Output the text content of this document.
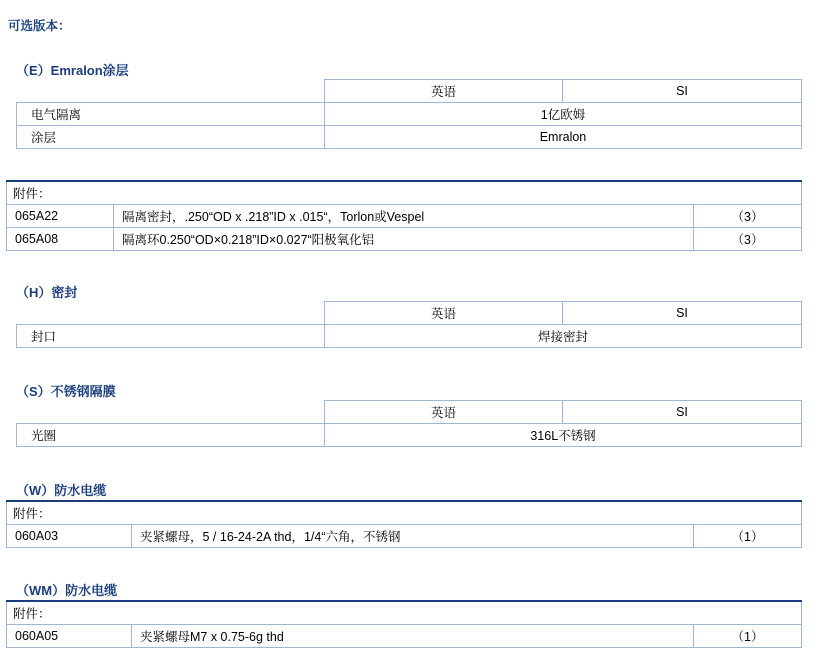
可选版本：
（E）Emralon涂层
	英语	SI
电气隔离	1亿欧姆	
涂层	Emralon	
附件：		
065A22	隔离密封，.250“OD x .218”ID x .015“，Torlon或Vespel	（3）
065A08	隔离环0.250“OD×0.218”ID×0.027“阳极氧化铝	（3）
（H）密封
	英语	SI
封口	焊接密封	
（S）不锈钢隔膜
	英语	SI
光圈	316L不锈钢	
（W）防水电缆
附件：
060A03	夹紧螺母，5 / 16-24-2A thd，1/4“六角，不锈钢	（1）
（WM）防水电缆
附件：
060A05	夹紧螺母M7 x 0.75-6g thd	（1）
